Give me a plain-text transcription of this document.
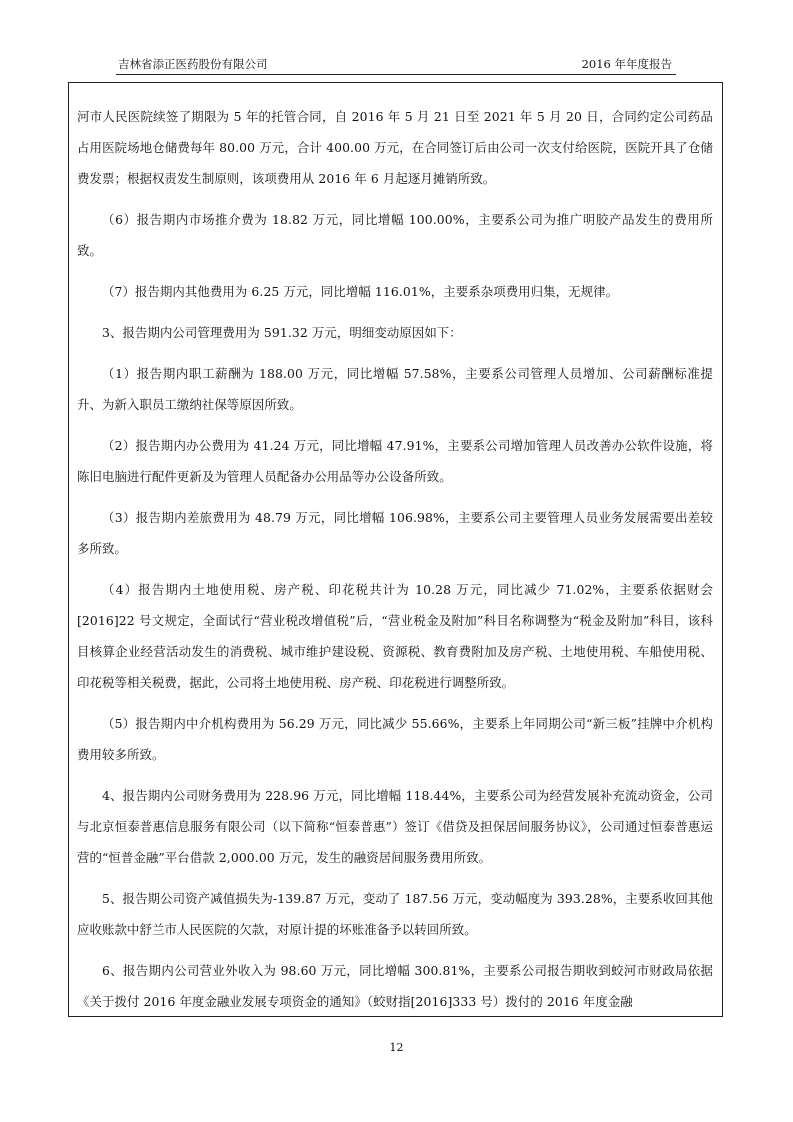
吉林省添正医药股份有限公司	2016 年年度报告

河市人民医院续签了期限为 5 年的托管合同，自 2016 年 5 月 21 日至 2021 年 5 月 20 日，合同约定公司药品占用医院场地仓储费每年 80.00 万元，合计 400.00 万元，在合同签订后由公司一次支付给医院，医院开具了仓储费发票；根据权责发生制原则，该项费用从 2016 年 6 月起逐月摊销所致。

（6）报告期内市场推介费为 18.82 万元，同比增幅 100.00%，主要系公司为推广明胶产品发生的费用所致。

（7）报告期内其他费用为 6.25 万元，同比增幅 116.01%，主要系杂项费用归集，无规律。

3、报告期内公司管理费用为 591.32 万元，明细变动原因如下：

（1）报告期内职工薪酬为 188.00 万元，同比增幅 57.58%，主要系公司管理人员增加、公司薪酬标准提升、为新入职员工缴纳社保等原因所致。

（2）报告期内办公费用为 41.24 万元，同比增幅 47.91%，主要系公司增加管理人员改善办公软件设施，将陈旧电脑进行配件更新及为管理人员配备办公用品等办公设备所致。

（3）报告期内差旅费用为 48.79 万元，同比增幅 106.98%，主要系公司主要管理人员业务发展需要出差较多所致。

（4）报告期内土地使用税、房产税、印花税共计为 10.28 万元，同比减少 71.02%，主要系依据财会[2016]22 号文规定，全面试行“营业税改增值税”后，“营业税金及附加”科目名称调整为“税金及附加”科目，该科目核算企业经营活动发生的消费税、城市维护建设税、资源税、教育费附加及房产税、土地使用税、车船使用税、印花税等相关税费，据此，公司将土地使用税、房产税、印花税进行调整所致。

（5）报告期内中介机构费用为 56.29 万元，同比减少 55.66%，主要系上年同期公司“新三板”挂牌中介机构费用较多所致。

4、报告期内公司财务费用为 228.96 万元，同比增幅 118.44%，主要系公司为经营发展补充流动资金，公司与北京恒泰普惠信息服务有限公司（以下简称“恒泰普惠”）签订《借贷及担保居间服务协议》，公司通过恒泰普惠运营的“恒普金融”平台借款 2,000.00 万元，发生的融资居间服务费用所致。

5、报告期公司资产减值损失为-139.87 万元，变动了 187.56 万元，变动幅度为 393.28%，主要系收回其他应收账款中舒兰市人民医院的欠款，对原计提的坏账准备予以转回所致。

6、报告期内公司营业外收入为 98.60 万元，同比增幅 300.81%，主要系公司报告期收到蛟河市财政局依据《关于拨付 2016 年度金融业发展专项资金的通知》（蛟财指[2016]333 号）拨付的 2016 年度金融

12
